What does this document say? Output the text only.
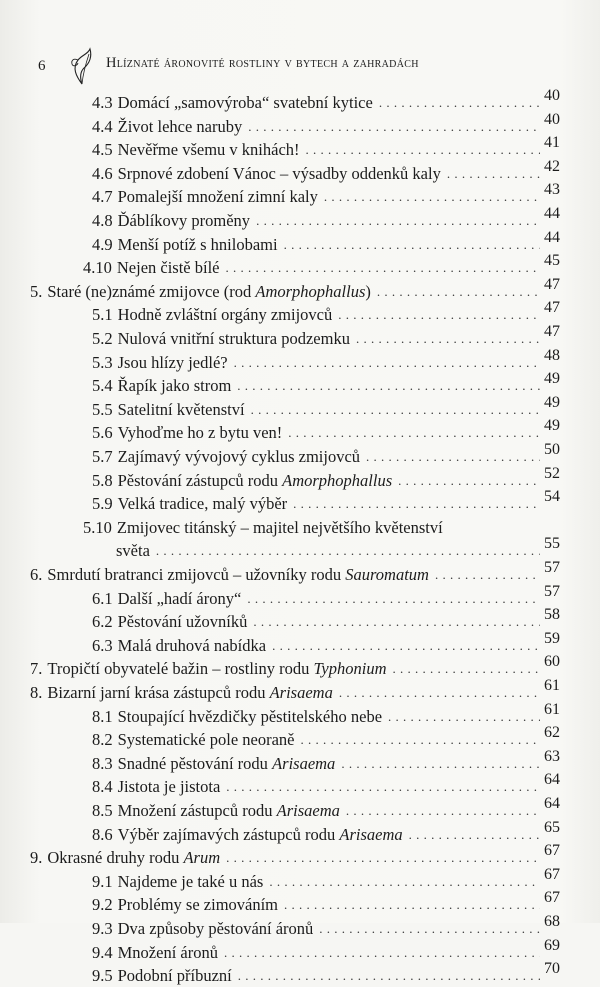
6	Hlíznaté áronovité rostliny v bytech a zahradách
4.3 Domácí „samovýroba“ svatební kytice . . .	40
4.4 Život lehce naruby . . .	40
4.5 Nevěřme všemu v knihách! . . .	41
4.6 Srpnové zdobení Vánoc – výsadby oddenků kaly . . .	42
4.7 Pomalejší množení zimní kaly . . .	43
4.8 Ďáblíkovy proměny . . .	44
4.9 Menší potíž s hnilobami . . .	44
4.10 Nejen čistě bílé . . .	45
5. Staré (ne)známé zmijovce (rod Amorphophallus) . . .	47
5.1 Hodně zvláštní orgány zmijovců . . .	47
5.2 Nulová vnitřní struktura podzemku . . .	47
5.3 Jsou hlízy jedlé? . . .	48
5.4 Řapík jako strom . . .	49
5.5 Satelitní květenství . . .	49
5.6 Vyhoďme ho z bytu ven! . . .	49
5.7 Zajímavý vývojový cyklus zmijovců . . .	50
5.8 Pěstování zástupců rodu Amorphophallus . . .	52
5.9 Velká tradice, malý výběr . . .	54
5.10 Zmijovec titánský – majitel největšího květenství
světa . . .	55
6. Smrdutí bratranci zmijovců – užovníky rodu Sauromatum . . .	57
6.1 Další „hadí árony“ . . .	57
6.2 Pěstování užovníků . . .	58
6.3 Malá druhová nabídka . . .	59
7. Tropičtí obyvatelé bažin – rostliny rodu Typhonium . . .	60
8. Bizarní jarní krása zástupců rodu Arisaema . . .	61
8.1 Stoupající hvězdičky pěstitelského nebe . . .	61
8.2 Systematické pole neoraně . . .	62
8.3 Snadné pěstování rodu Arisaema . . .	63
8.4 Jistota je jistota . . .	64
8.5 Množení zástupců rodu Arisaema . . .	64
8.6 Výběr zajímavých zástupců rodu Arisaema . . .	65
9. Okrasné druhy rodu Arum . . .	67
9.1 Najdeme je také u nás . . .	67
9.2 Problémy se zimováním . . .	67
9.3 Dva způsoby pěstování áronů . . .	68
9.4 Množení áronů . . .	69
9.5 Podobní příbuzní . . .	70
